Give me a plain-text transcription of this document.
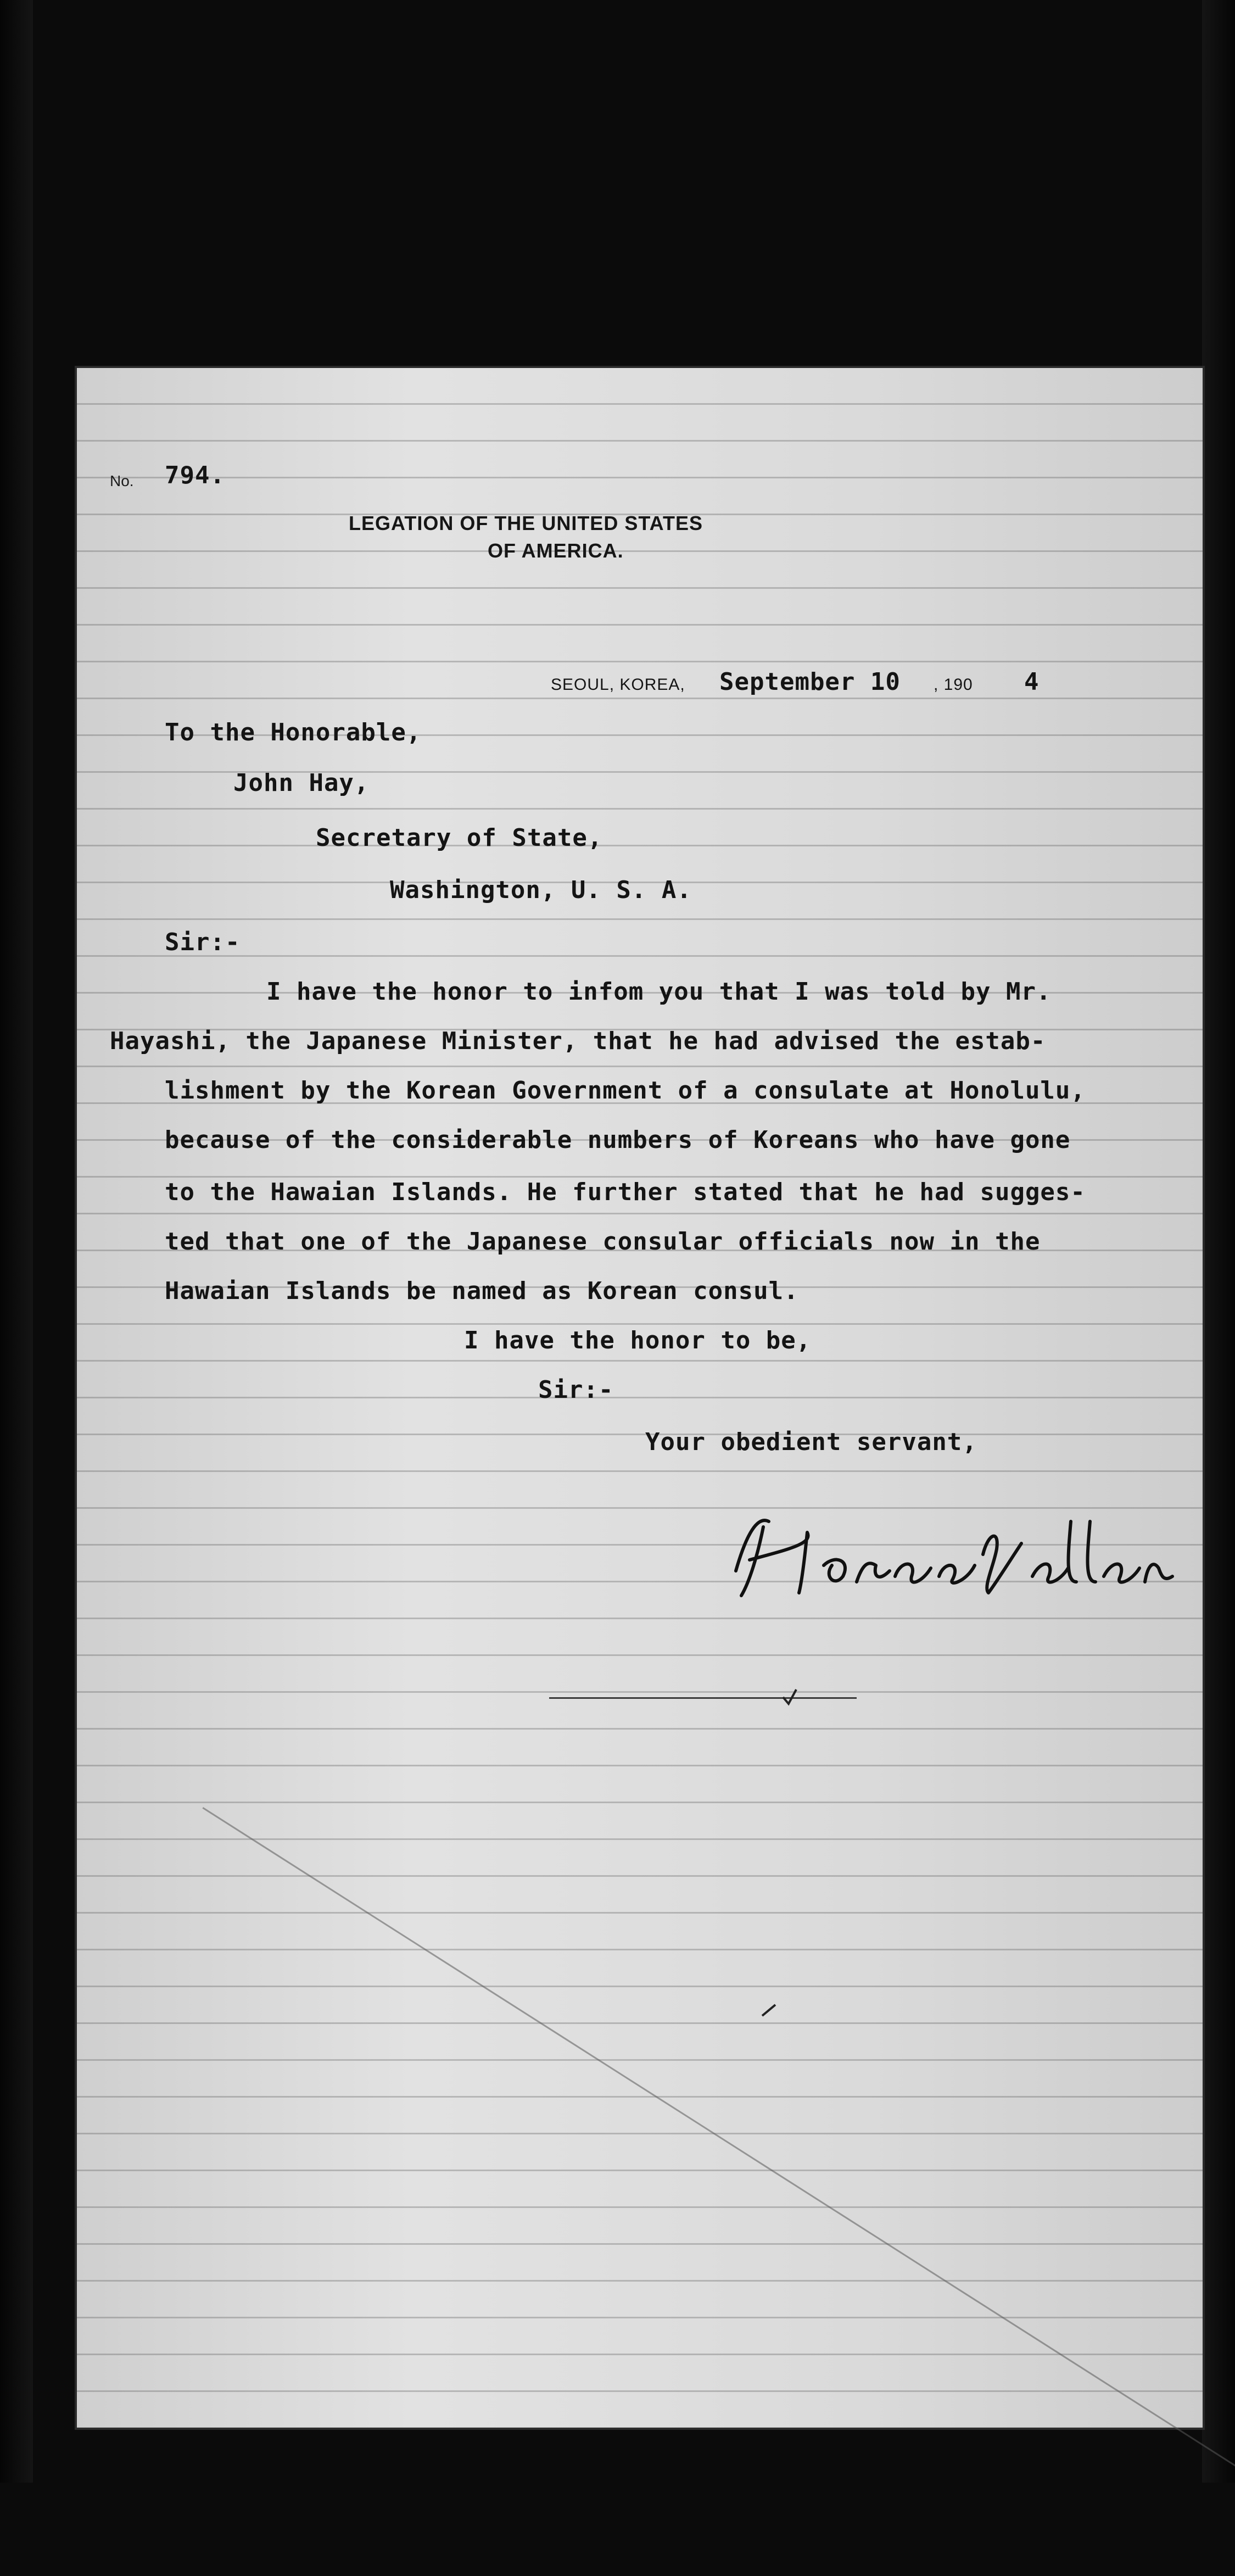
No. 794.
LEGATION OF THE UNITED STATES
OF AMERICA.
SEOUL, KOREA, September 10 , 190 4
To the Honorable,
John Hay,
Secretary of State,
Washington, U. S. A.
Sir:-
I have the honor to infom you that I was told by Mr.
Hayashi, the Japanese Minister, that he had advised the estab-
lishment by the Korean Government of a consulate at Honolulu,
because of the considerable numbers of Koreans who have gone
to the Hawaian Islands. He further stated that he had sugges-
ted that one of the Japanese consular officials now in the
Hawaian Islands be named as Korean consul.
I have the honor to be,
Sir:-
Your obedient servant,
